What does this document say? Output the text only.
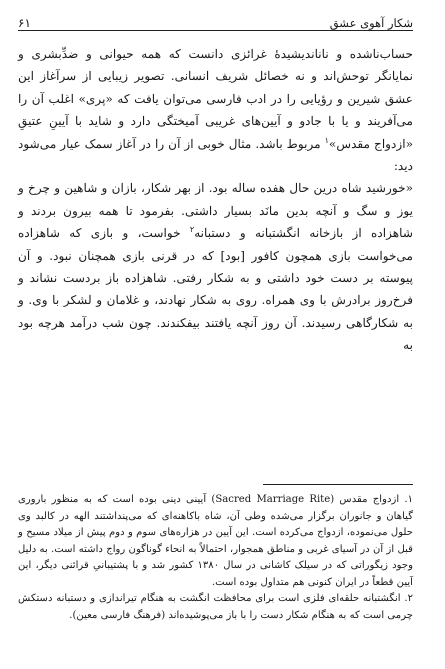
شکار آهوی عشق
۶۱

حساب‌ناشده و ناناندیشیدهٔ غرائزی دانست که همه حیوانی و ضدِّبشری و نمایانگر توحش‌اند و نه خصائل شریف انسانی. تصویر زیبایی از سرآغاز این عشق شیرین و رؤیایی را در ادب فارسی می‌توان یافت که «پری» اغلب آن را می‌آفریند و یا با جادو و آیین‌های غریبی آمیختگی دارد و شاید با آیینِ عتیقِ «ازدواج مقدس»$^۱$ مربوط باشد. مثال خوبی از آن را در آغاز سمک عیار می‌شود دید:

«خورشید شاه درین حال هفده ساله بود. از بهر شکار، بازان و شاهین و چرخ و یوز و سگ و آنچه بدین مانَد بسیار داشتی. بفرمود تا همه بیرون بردند و شاهزاده از بازخانه انگشتبانه و دستبانه$^۲$ خواست، و بازی که شاهزاده می‌خواست بازی همچون کافور [بود] که در قرنی بازی همچنان نبود. و آن پیوسته بر دست خود داشتی و به شکار رفتی. شاهزاده باز بردست نشاند و فرخ‌روز برادرش با وی همراه. روی به شکار نهادند، و غلامان و لشکر با وی. و به شکارگاهی رسیدند. آن روز آنچه یافتند بیفکندند. چون شب درآمد هرچه بود به

۱. ازدواج مقدس (Sacred Marriage Rite) آیینی دینی بوده است که به منظور باروری گیاهان و جانوران برگزار می‌شده وطی آن، شاه باکاهنه‌ای که می‌پنداشتند الهه در کالبد وی حلول می‌نموده، ازدواج می‌کرده است. این آیین در هزاره‌های سوم و دوم پیش از میلاد مسیح و قبل از آن در آسیای غربی و مناطق همجوار، احتمالاً به انحاء گوناگون رواج داشته است. به دلیل وجود زیگوراتی که در سیلک کاشانی در سال ۱۳۸۰ کشور شد و با پشتیبانیِ قرائنی دیگر، این آیین قطعاً در ایران کنونی هم متداول بوده است.

۲. انگشتبانه حلقه‌ای فلزی است برای محافظت انگشت به هنگام تیراندازی و دستبانه دستکش چرمی است که به هنگام شکار دست را با باز می‌پوشیده‌اند (فرهنگ فارسی معین).
